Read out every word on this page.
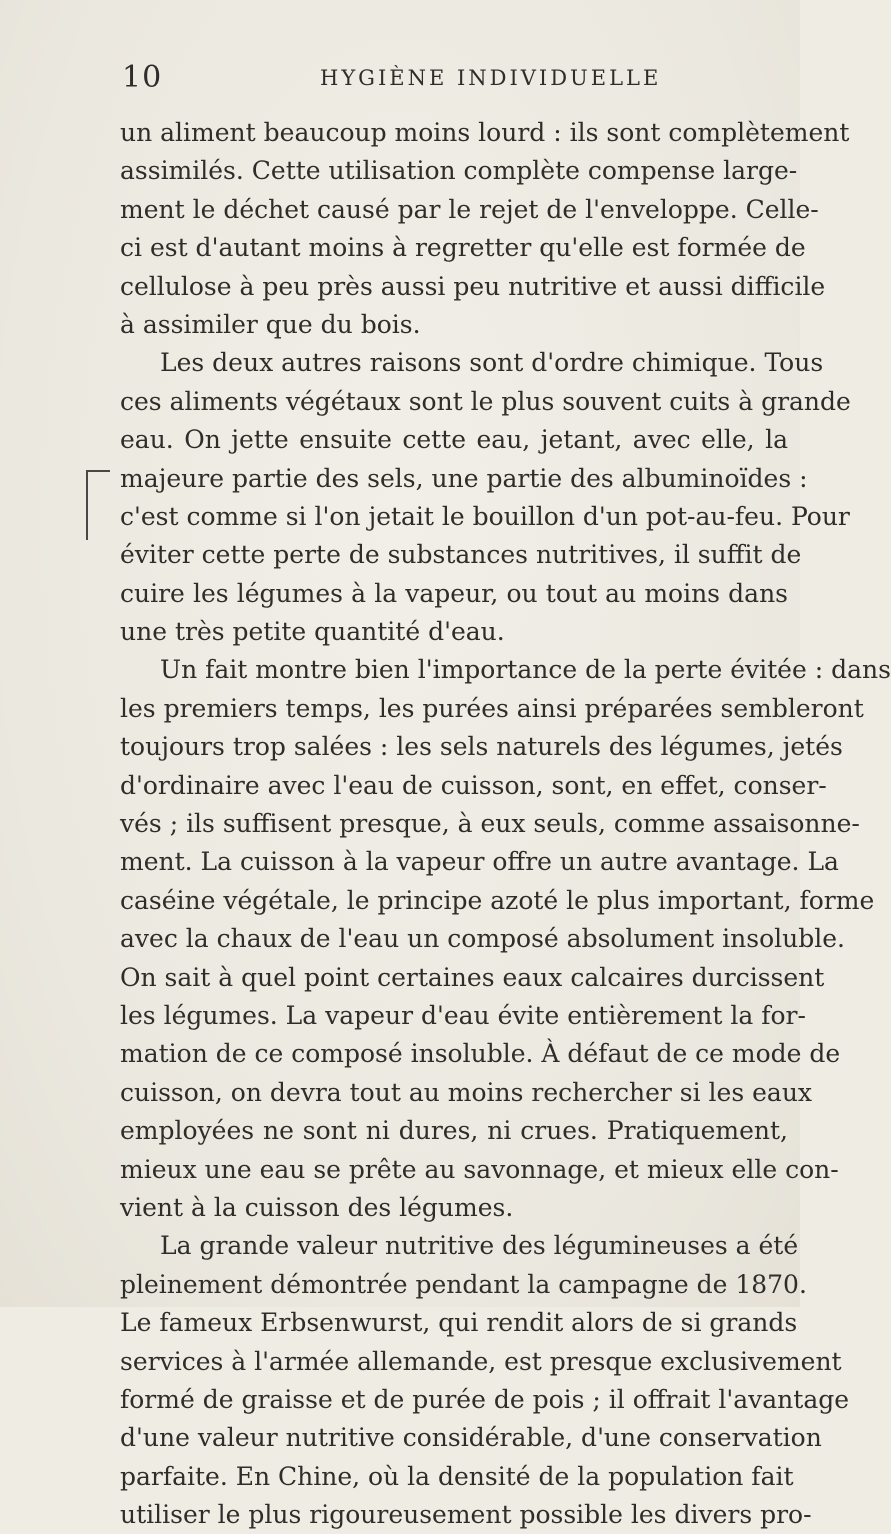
10	HYGIÈNE INDIVIDUELLE
un aliment beaucoup moins lourd : ils sont complètement
assimilés. Cette utilisation complète compense large-
ment le déchet causé par le rejet de l'enveloppe. Celle-
ci est d'autant moins à regretter qu'elle est formée de
cellulose à peu près aussi peu nutritive et aussi difficile
à assimiler que du bois.
Les deux autres raisons sont d'ordre chimique. Tous
ces aliments végétaux sont le plus souvent cuits à grande
eau. On jette ensuite cette eau, jetant, avec elle, la
majeure partie des sels, une partie des albuminoïdes :
c'est comme si l'on jetait le bouillon d'un pot-au-feu. Pour
éviter cette perte de substances nutritives, il suffit de
cuire les légumes à la vapeur, ou tout au moins dans
une très petite quantité d'eau.
Un fait montre bien l'importance de la perte évitée : dans
les premiers temps, les purées ainsi préparées sembleront
toujours trop salées : les sels naturels des légumes, jetés
d'ordinaire avec l'eau de cuisson, sont, en effet, conser-
vés ; ils suffisent presque, à eux seuls, comme assaisonne-
ment. La cuisson à la vapeur offre un autre avantage. La
caséine végétale, le principe azoté le plus important, forme
avec la chaux de l'eau un composé absolument insoluble.
On sait à quel point certaines eaux calcaires durcissent
les légumes. La vapeur d'eau évite entièrement la for-
mation de ce composé insoluble. À défaut de ce mode de
cuisson, on devra tout au moins rechercher si les eaux
employées ne sont ni dures, ni crues. Pratiquement,
mieux une eau se prête au savonnage, et mieux elle con-
vient à la cuisson des légumes.
La grande valeur nutritive des légumineuses a été
pleinement démontrée pendant la campagne de 1870.
Le fameux Erbsenwurst, qui rendit alors de si grands
services à l'armée allemande, est presque exclusivement
formé de graisse et de purée de pois ; il offrait l'avantage
d'une valeur nutritive considérable, d'une conservation
parfaite. En Chine, où la densité de la population fait
utiliser le plus rigoureusement possible les divers pro-
